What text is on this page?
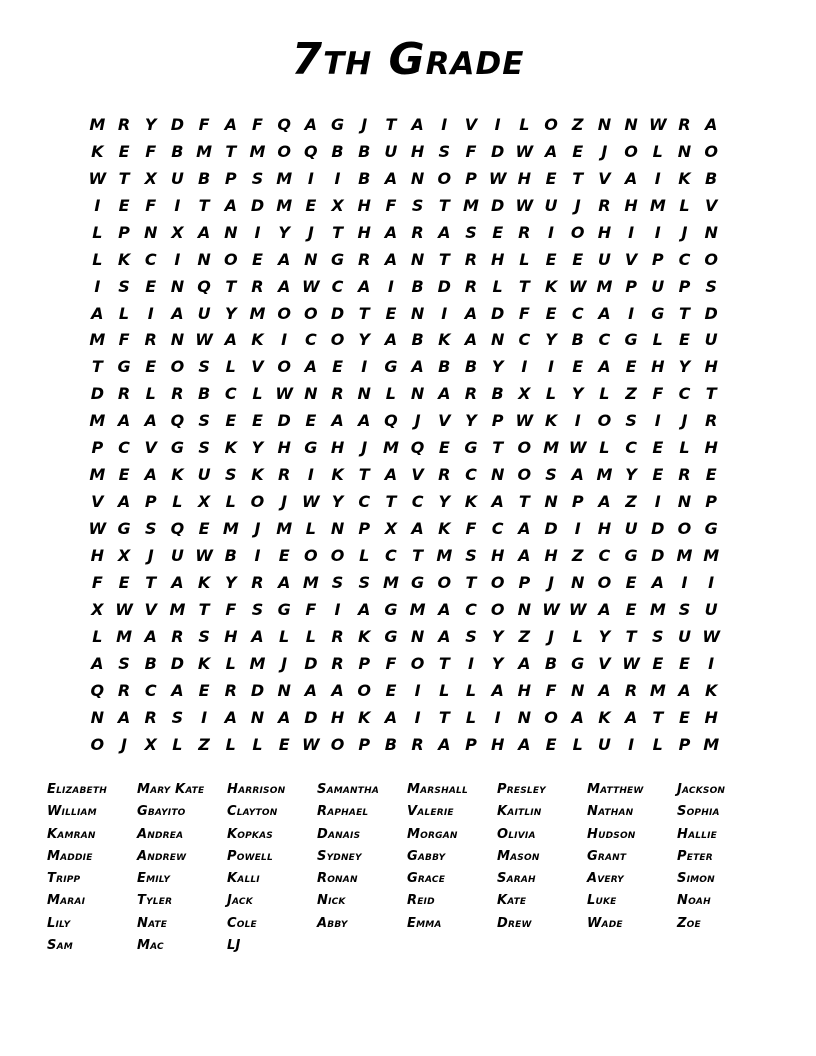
7th Grade
M R Y D F A F Q A G	J	T A	I	V	I	L O Z N N W R A
K E F B M T M O Q B B U H S F D W A E	J	O L N O
W T X U B P S M I	I	B A N O P W H E T V A	I	K B
I	E F	I	T A D M E X H F S T M D W U	J	R H M L V
L P N X A N	I	Y	J	T H A R A S E R	I	O H	I	I	J	N
L K C	I	N O E A N G R A N T R H L	E E U V P C O
I	S E N Q T R A W C A	I	B D R L	T K W M P U P S
A L	I	A U Y M O O D T E N	I	A D F E C A	I	G T D
M F R N W A K	I	C O Y A B K A N C Y B C G L	E U
T G E O S L V O A E	I	G A B B Y	I	I	E A E H Y H
D R L R B C L W N R N L N A R B X L Y L Z F C T
M A A Q S E E D E A A Q	J	V Y P W K	I	O S	I	J	R
P C V G S K Y H G H	J M Q E G T O M W L C E	L H
M E A K U S K R	I	K T A V R C N O S A M Y E R E
V A P L X L O	J W Y C T C Y K A T N P A Z	I	N P
W G S Q E M J M L N P X A K F C A D	I	H U D O G
H X	J	U W B	I	E O O L C T M S H A H Z C G D M M
F E T A K Y R A M S S M G O T O P	J	N O E A	I	I
X W V M T F S G F	I	A G M A C O N W W A E M S U
L M A R S H A L	L R K G N A S Y Z	J	L Y T S U W
A S B D K L M J	D R P F O T	I	Y A B G V W E E	I
Q R C A E R D N A A O E	I	L	L A H F N A R M A K
N A R S	I	A N A D H K A	I	T	L	I	N O A K A T E H
O	J	X L Z L	L	E W O P B R A P H A E	L U	I	L P M
Elizabeth	Mary Kate	Harrison	Samantha	Marshall	Presley	Matthew	Jackson
William	Gbayito	Clayton	Raphael	Valerie	Kaitlin	Nathan	Sophia
Kamran	Andrea	Kopkas	Danais	Morgan	Olivia	Hudson	Hallie
Maddie	Andrew	Powell	Sydney	Gabby	Mason	Grant	Peter
Tripp	Emily	Kalli	Ronan	Grace	Sarah	Avery	Simon
Marai	Tyler	Jack	Nick	Reid	Kate	Luke	Noah
Lily	Nate	Cole	Abby	Emma	Drew	Wade	Zoe
Sam	Mac	LJ
